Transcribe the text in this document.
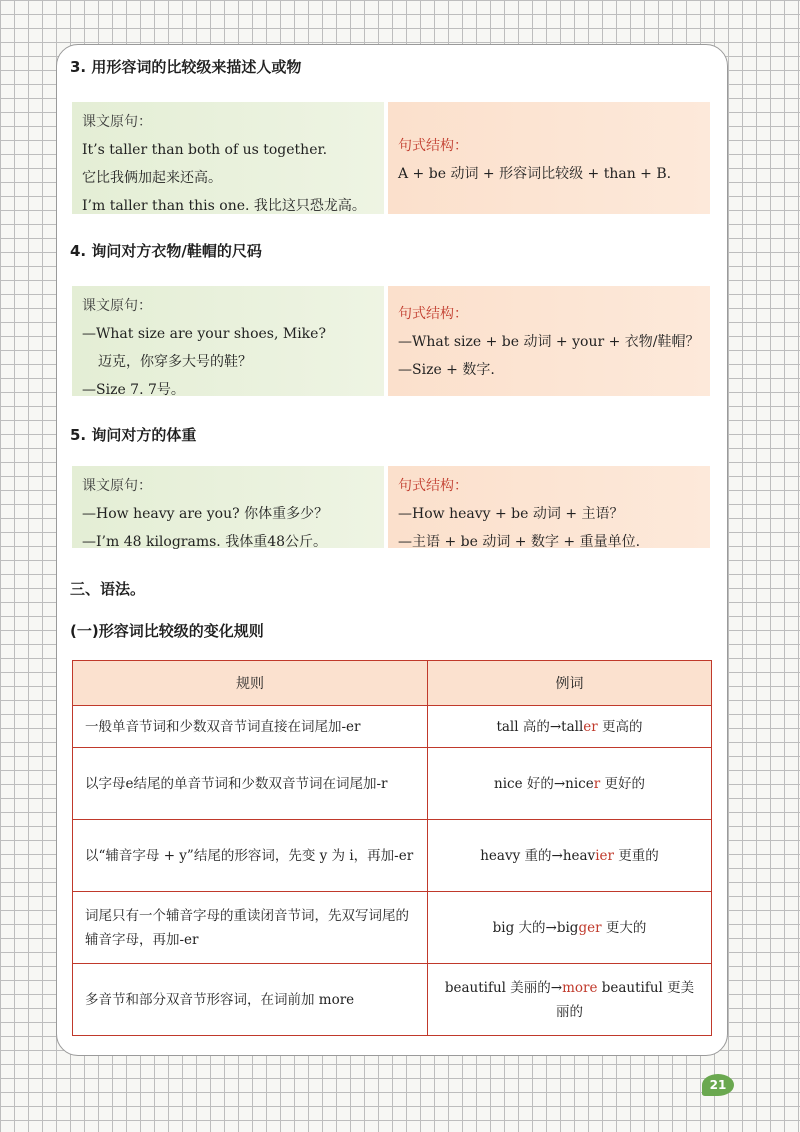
3. 用形容词的比较级来描述人或物
课文原句：
It’s taller than both of us together.
它比我俩加起来还高。
I’m taller than this one. 我比这只恐龙高。
句式结构：
A + be 动词 + 形容词比较级 + than + B.
4. 询问对方衣物/鞋帽的尺码
课文原句：
—What size are your shoes, Mike?
迈克，你穿多大号的鞋？
—Size 7. 7号。
句式结构：
—What size + be 动词 + your + 衣物/鞋帽？
—Size + 数字.
5. 询问对方的体重
课文原句：
—How heavy are you? 你体重多少？
—I’m 48 kilograms. 我体重48公斤。
句式结构：
—How heavy + be 动词 + 主语？
—主语 + be 动词 + 数字 + 重量单位.
三、语法。
(一)形容词比较级的变化规则
规则	例词
一般单音节词和少数双音节词直接在词尾加-er	tall 高的→taller 更高的
以字母e结尾的单音节词和少数双音节词在词尾加-r	nice 好的→nicer 更好的
以“辅音字母 + y”结尾的形容词，先变 y 为 i，再加-er	heavy 重的→heavier 更重的
词尾只有一个辅音字母的重读闭音节词，先双写词尾的辅音字母，再加-er	big 大的→bigger 更大的
多音节和部分双音节形容词，在词前加 more	beautiful 美丽的→more beautiful 更美丽的
21
